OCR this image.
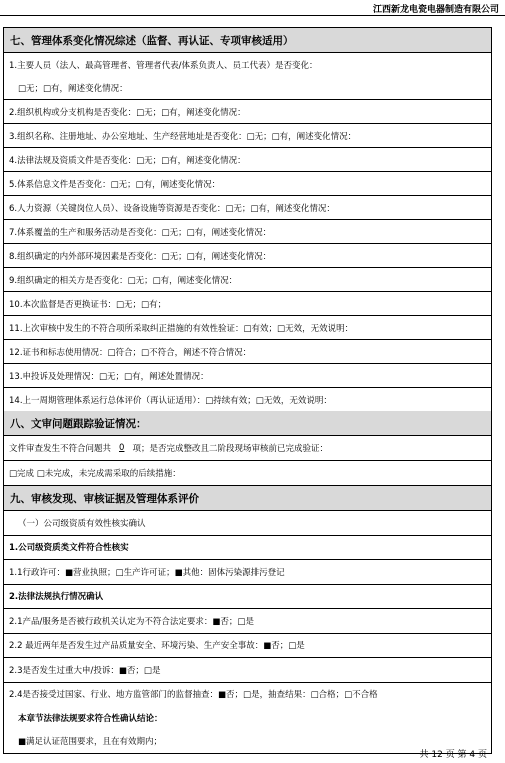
江西新龙电瓷电器制造有限公司
七、管理体系变化情况综述（监督、再认证、专项审核适用）
1.主要人员（法人、最高管理者、管理者代表/体系负责人、员工代表）是否变化：
□无；□有，阐述变化情况：
2.组织机构或分支机构是否变化：□无；□有，阐述变化情况：
3.组织名称、注册地址、办公室地址、生产经营地址是否变化：□无；□有，阐述变化情况：
4.法律法规及资质文件是否变化：□无；□有，阐述变化情况：
5.体系信息文件是否变化：□无；□有，阐述变化情况：
6.人力资源（关键岗位人员）、设备设施等资源是否变化：□无；□有，阐述变化情况：
7.体系覆盖的生产和服务活动是否变化：□无；□有，阐述变化情况：
8.组织确定的内外部环境因素是否变化：□无；□有，阐述变化情况：
9.组织确定的相关方是否变化：□无；□有，阐述变化情况：
10.本次监督是否更换证书：□无；□有；
11.上次审核中发生的不符合项所采取纠正措施的有效性验证：□有效；□无效，无效说明：
12.证书和标志使用情况：□符合；□不符合，阐述不符合情况：
13.申投诉及处理情况：□无；□有，阐述处置情况：
14.上一周期管理体系运行总体评价（再认证适用）：□持续有效；□无效，无效说明：
八、文审问题跟踪验证情况：
文件审查发生不符合问题共 0 项；是否完成整改且二阶段现场审核前已完成验证：
□完成 □未完成，未完成需采取的后续措施：
九、审核发现、审核证据及管理体系评价
（一）公司级资质有效性核实确认
1.公司级资质类文件符合性核实
1.1行政许可：■营业执照；□生产许可证；■其他：固体污染源排污登记
2.法律法规执行情况确认
2.1产品/服务是否被行政机关认定为不符合法定要求：■否；□是
2.2 最近两年是否发生过产品质量安全、环境污染、生产安全事故：■否；□是
2.3是否发生过重大申/投诉：■否；□是
2.4是否接受过国家、行业、地方监管部门的监督抽查：■否；□是，抽查结果：□合格；□不合格
本章节法律法规要求符合性确认结论：
■满足认证范围要求，且在有效期内；
共 12 页 第 4 页
